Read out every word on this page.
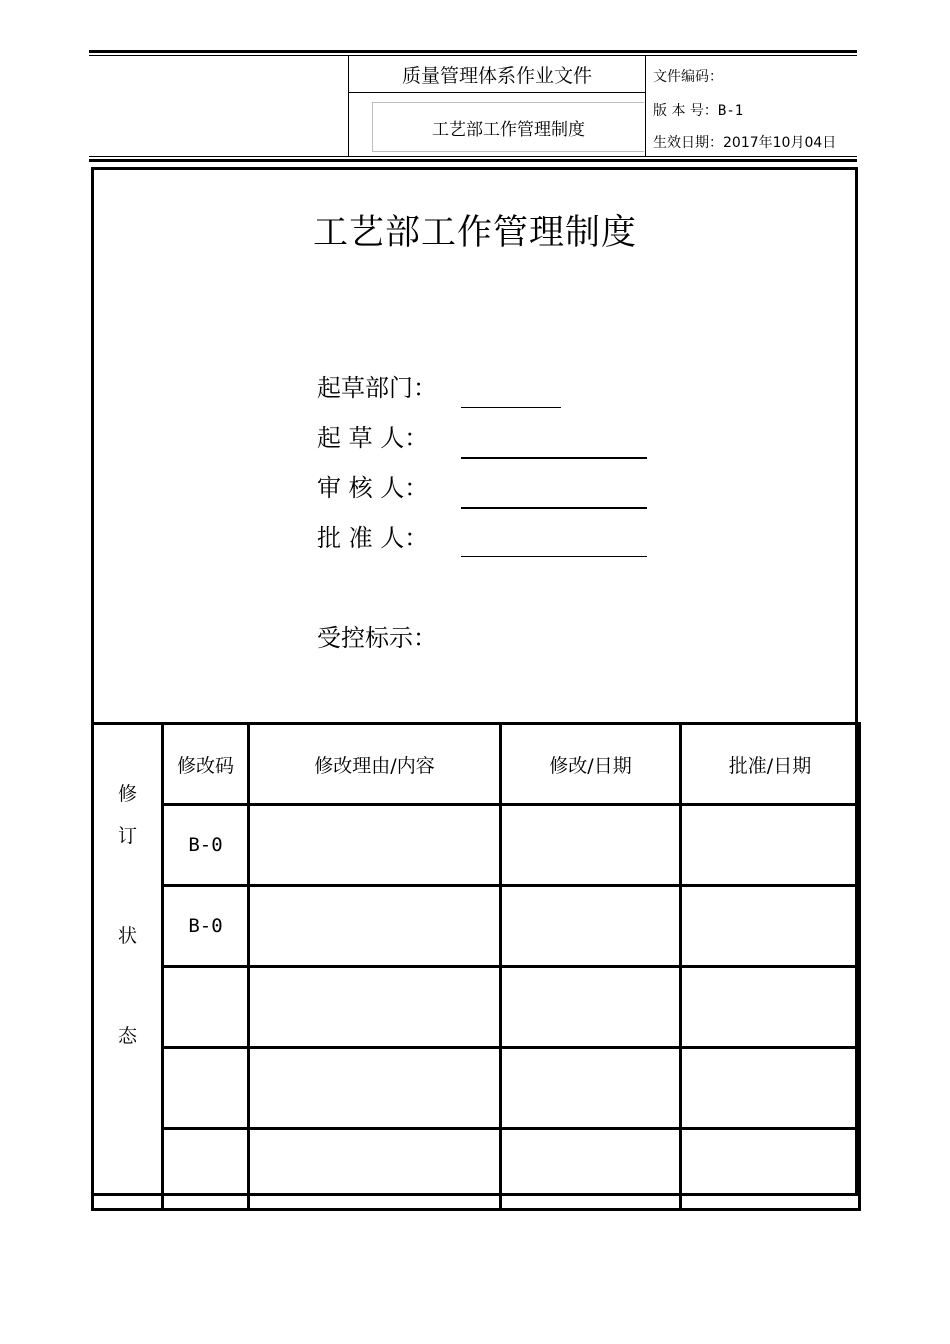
质量管理体系作业文件
工艺部工作管理制度
文件编码：
版 本 号：B-1
生效日期：2017年10月04日
工艺部工作管理制度
起草部门：
起 草 人：
审 核 人：
批 准 人：
受控标示：
修
订
状
态	修改码	修改理由/内容	修改/日期	批准/日期
	B-0			
	B-0			
